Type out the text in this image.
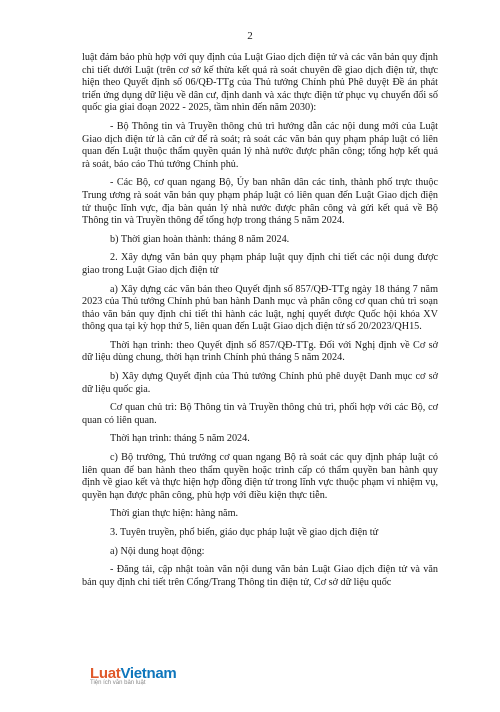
2

luật đảm bảo phù hợp với quy định của Luật Giao dịch điện tử và các văn bản quy định chi tiết dưới Luật (trên cơ sở kế thừa kết quả rà soát chuyên đề giao dịch điện tử, thực hiện theo Quyết định số 06/QĐ-TTg của Thủ tướng Chính phủ Phê duyệt Đề án phát triển ứng dụng dữ liệu về dân cư, định danh và xác thực điện tử phục vụ chuyển đổi số quốc gia giai đoạn 2022 - 2025, tầm nhìn đến năm 2030):

- Bộ Thông tin và Truyền thông chủ trì hướng dẫn các nội dung mới của Luật Giao dịch điện tử là căn cứ để rà soát; rà soát các văn bản quy phạm pháp luật có liên quan đến Luật thuộc thẩm quyền quản lý nhà nước được phân công; tổng hợp kết quả rà soát, báo cáo Thủ tướng Chính phủ.

- Các Bộ, cơ quan ngang Bộ, Ủy ban nhân dân các tỉnh, thành phố trực thuộc Trung ương rà soát văn bản quy phạm pháp luật có liên quan đến Luật Giao dịch điện tử thuộc lĩnh vực, địa bàn quản lý nhà nước được phân công và gửi kết quả về Bộ Thông tin và Truyền thông để tổng hợp trong tháng 5 năm 2024.

b) Thời gian hoàn thành: tháng 8 năm 2024.

2. Xây dựng văn bản quy phạm pháp luật quy định chi tiết các nội dung được giao trong Luật Giao dịch điện tử

a) Xây dựng các văn bản theo Quyết định số 857/QĐ-TTg ngày 18 tháng 7 năm 2023 của Thủ tướng Chính phủ ban hành Danh mục và phân công cơ quan chủ trì soạn thảo văn bản quy định chi tiết thi hành các luật, nghị quyết được Quốc hội khóa XV thông qua tại kỳ họp thứ 5, liên quan đến Luật Giao dịch điện tử số 20/2023/QH15.

Thời hạn trình: theo Quyết định số 857/QĐ-TTg. Đối với Nghị định về Cơ sở dữ liệu dùng chung, thời hạn trình Chính phủ tháng 5 năm 2024.

b) Xây dựng Quyết định của Thủ tướng Chính phủ phê duyệt Danh mục cơ sở dữ liệu quốc gia.

Cơ quan chủ trì: Bộ Thông tin và Truyền thông chủ trì, phối hợp với các Bộ, cơ quan có liên quan.

Thời hạn trình: tháng 5 năm 2024.

c) Bộ trưởng, Thủ trưởng cơ quan ngang Bộ rà soát các quy định pháp luật có liên quan để ban hành theo thẩm quyền hoặc trình cấp có thẩm quyền ban hành quy định về giao kết và thực hiện hợp đồng điện tử trong lĩnh vực thuộc phạm vi nhiệm vụ, quyền hạn được phân công, phù hợp với điều kiện thực tiễn.

Thời gian thực hiện: hàng năm.

3. Tuyên truyền, phổ biến, giáo dục pháp luật về giao dịch điện tử

a) Nội dung hoạt động:

- Đăng tải, cập nhật toàn văn nội dung văn bản Luật Giao dịch điện tử và văn bản quy định chi tiết trên Cổng/Trang Thông tin điện tử, Cơ sở dữ liệu quốc

LuatVietnam
Tiện ích văn bản luật
